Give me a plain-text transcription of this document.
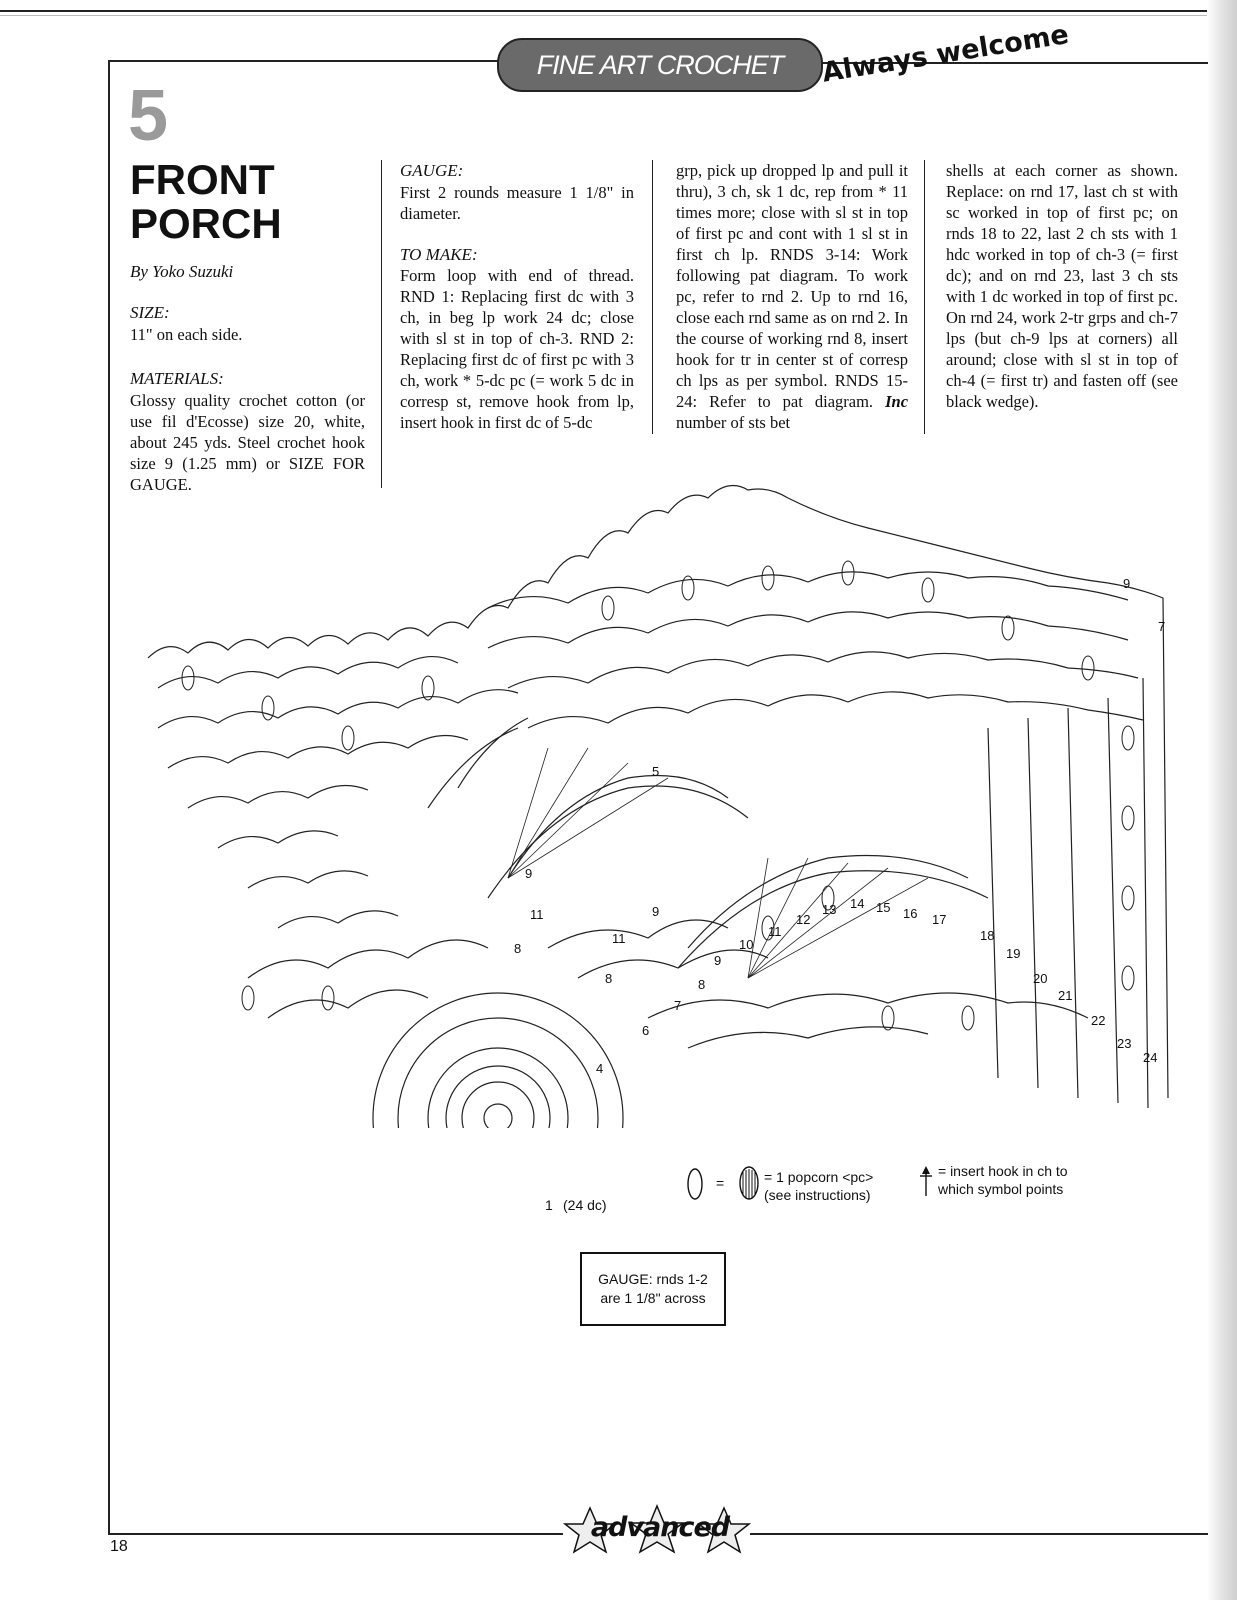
FINE ART CROCHET Always welcome
5
FRONT
PORCH
By Yoko Suzuki
SIZE:

11" on each side.

MATERIALS:

Glossy quality crochet cotton (or use fil d'Ecosse) size 20, white, about 245 yds. Steel crochet hook size 9 (1.25 mm) or SIZE FOR GAUGE.

GAUGE:

First 2 rounds measure 1 1/8" in diameter.

TO MAKE:

Form loop with end of thread. RND 1: Replacing first dc with 3 ch, in beg lp work 24 dc; close with sl st in top of ch-3. RND 2: Replacing first dc of first pc with 3 ch, work * 5-dc pc (= work 5 dc in corresp st, remove hook from lp, insert hook in first dc of 5-dc

grp, pick up dropped lp and pull it thru), 3 ch, sk 1 dc, rep from * 11 times more; close with sl st in top of first pc and cont with 1 sl st in first ch lp. RNDS 3-14: Work following pat diagram. To work pc, refer to rnd 2. Up to rnd 16, close each rnd same as on rnd 2. In the course of working rnd 8, insert hook for tr in center st of corresp ch lps as per symbol. RNDS 15-24: Refer to pat diagram. Inc number of sts bet

shells at each corner as shown. Replace: on rnd 17, last ch st with sc worked in top of first pc; on rnds 18 to 22, last 2 ch sts with 1 hdc worked in top of ch-3 (= first dc); and on rnd 23, last 3 ch sts with 1 dc worked in top of first pc. On rnd 24, work 2-tr grps and ch-7 lps (but ch-9 lps at corners) all around; close with sl st in top of ch-4 (= first tr) and fasten off (see black wedge).

9
7
9
11
8
5
9
11
8
4
6
7
8
9
10
11
12
13 14 15 16 17
18
19
20
21
22
23
24
1 (24 dc)
=	= 1 popcorn <pc>
(see instructions)
= insert hook in ch to
which symbol points
GAUGE: rnds 1-2
are 1 1/8" across
18
advanced
